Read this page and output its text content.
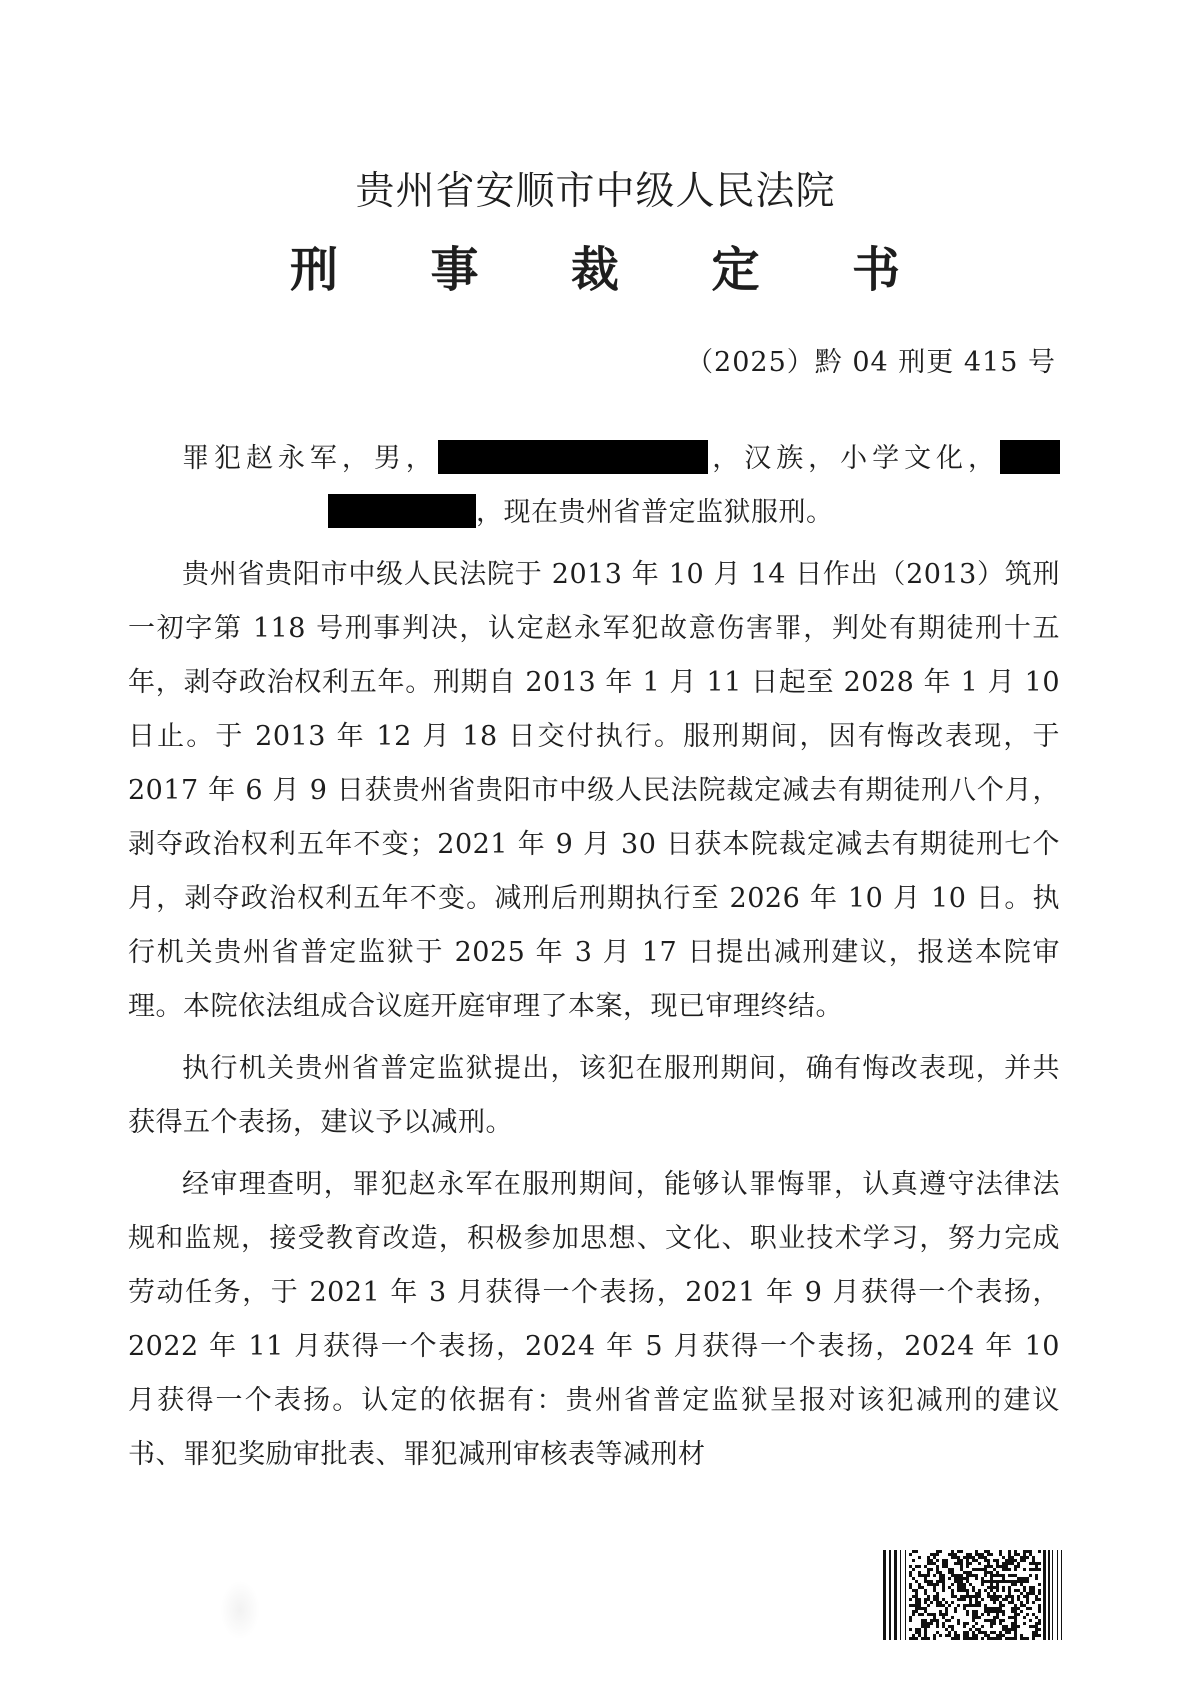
贵州省安顺市中级人民法院
刑 事 裁 定 书
（2025）黔 04 刑更 415 号

罪犯赵永军，男，	，汉族，小学文化，，现在贵州省普定监狱服刑。

贵州省贵阳市中级人民法院于 2013 年 10 月 14 日作出（2013）筑刑一初字第 118 号刑事判决，认定赵永军犯故意伤害罪，判处有期徒刑十五年，剥夺政治权利五年。刑期自 2013 年 1 月 11 日起至 2028 年 1 月 10 日止。于 2013 年 12 月 18 日交付执行。服刑期间，因有悔改表现，于 2017 年 6 月 9 日获贵州省贵阳市中级人民法院裁定减去有期徒刑八个月，剥夺政治权利五年不变；2021 年 9 月 30 日获本院裁定减去有期徒刑七个月，剥夺政治权利五年不变。减刑后刑期执行至 2026 年 10 月 10 日。执行机关贵州省普定监狱于 2025 年 3 月 17 日提出减刑建议，报送本院审理。本院依法组成合议庭开庭审理了本案，现已审理终结。

执行机关贵州省普定监狱提出，该犯在服刑期间，确有悔改表现，并共获得五个表扬，建议予以减刑。

经审理查明，罪犯赵永军在服刑期间，能够认罪悔罪，认真遵守法律法规和监规，接受教育改造，积极参加思想、文化、职业技术学习，努力完成劳动任务，于 2021 年 3 月获得一个表扬，2021 年 9 月获得一个表扬，2022 年 11 月获得一个表扬，2024 年 5 月获得一个表扬，2024 年 10 月获得一个表扬。认定的依据有：贵州省普定监狱呈报对该犯减刑的建议书、罪犯奖励审批表、罪犯减刑审核表等减刑材
